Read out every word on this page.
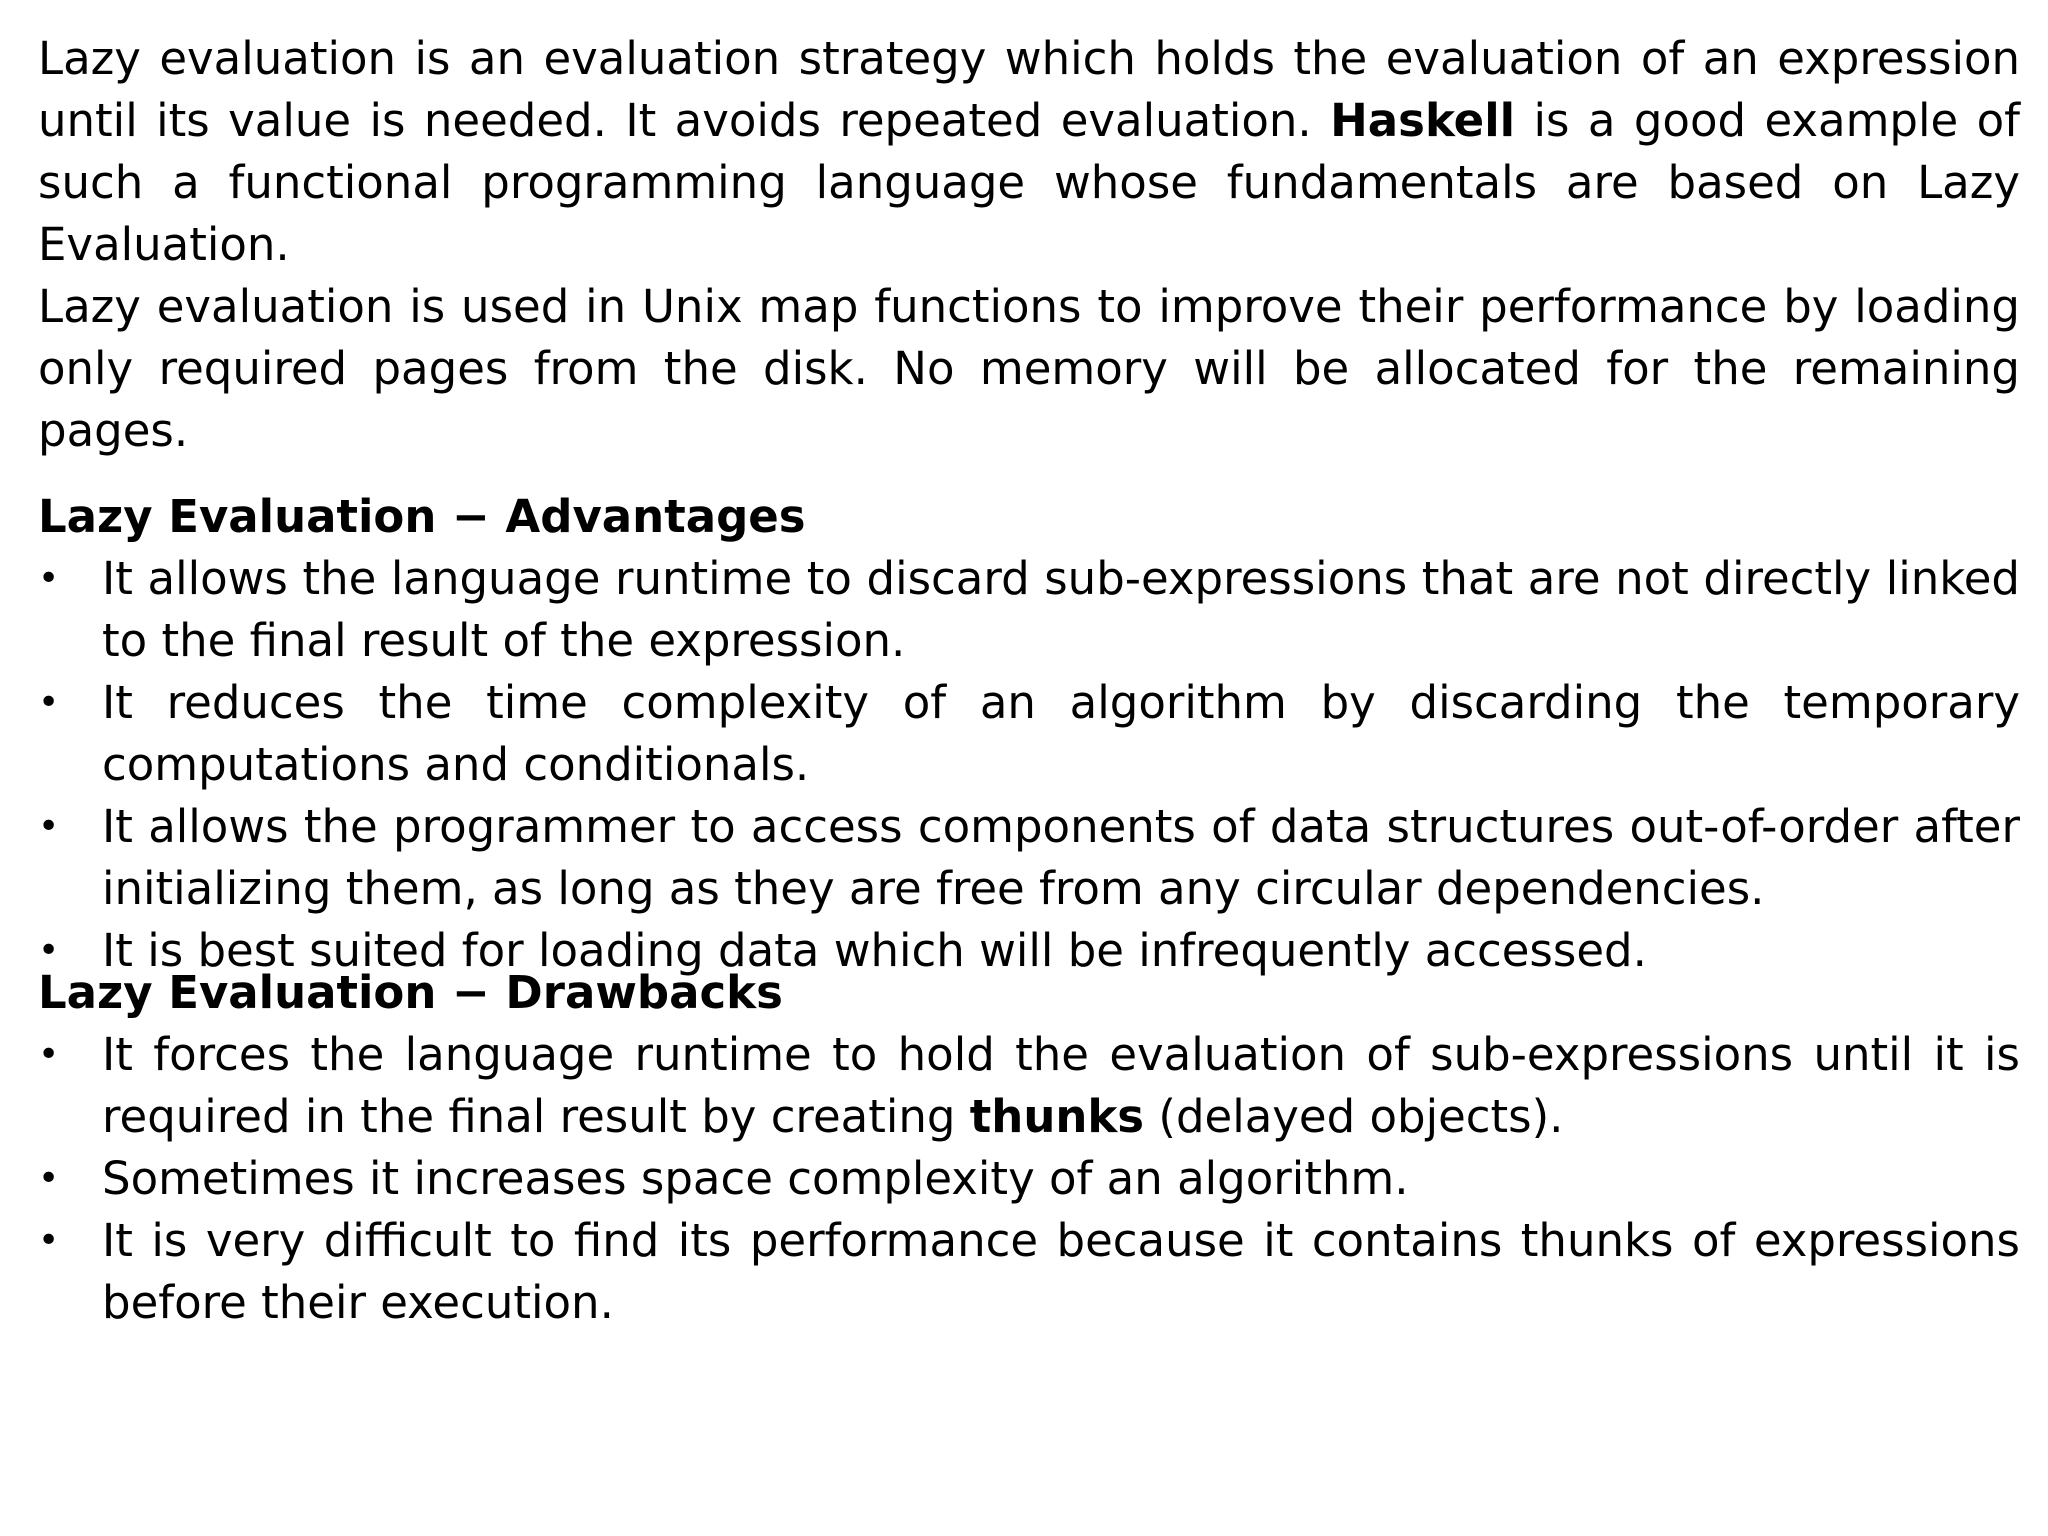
Lazy evaluation is an evaluation strategy which holds the evaluation of an expression until its value is needed. It avoids repeated evaluation. Haskell is a good example of such a functional programming language whose fundamentals are based on Lazy Evaluation.

Lazy evaluation is used in Unix map functions to improve their performance by loading only required pages from the disk. No memory will be allocated for the remaining pages.

Lazy Evaluation − Advantages
• It allows the language runtime to discard sub-expressions that are not directly linked to the final result of the expression.
• It reduces the time complexity of an algorithm by discarding the temporary computations and conditionals.
• It allows the programmer to access components of data structures out-of-order after initializing them, as long as they are free from any circular dependencies.
• It is best suited for loading data which will be infrequently accessed.
Lazy Evaluation − Drawbacks
• It forces the language runtime to hold the evaluation of sub-expressions until it is required in the final result by creating thunks (delayed objects).
• Sometimes it increases space complexity of an algorithm.
• It is very difficult to find its performance because it contains thunks of expressions before their execution.
